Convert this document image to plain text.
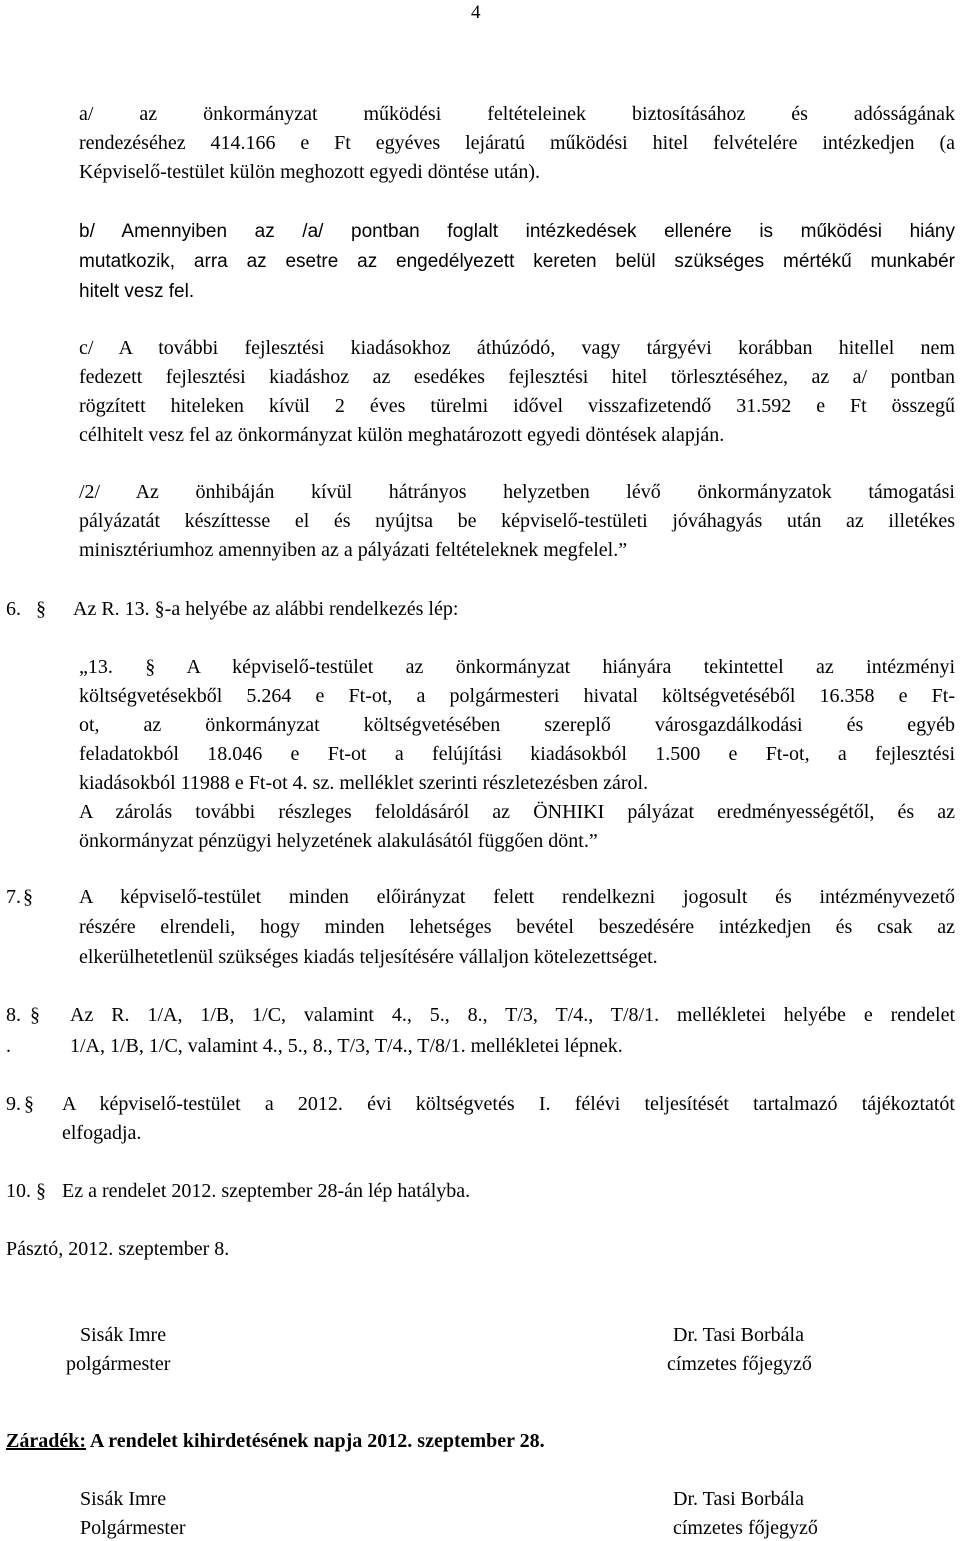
4
a/ az önkormányzat működési feltételeinek biztosításához és adósságának
rendezéséhez 414.166 e Ft egyéves lejáratú működési hitel felvételére intézkedjen (a
Képviselő-testület külön meghozott egyedi döntése után).
b/ Amennyiben az /a/ pontban foglalt intézkedések ellenére is működési hiány
mutatkozik, arra az esetre az engedélyezett kereten belül szükséges mértékű munkabér
hitelt vesz fel.
c/ A további fejlesztési kiadásokhoz áthúzódó, vagy tárgyévi korábban hitellel nem
fedezett fejlesztési kiadáshoz az esedékes fejlesztési hitel törlesztéséhez, az a/ pontban
rögzített hiteleken kívül 2 éves türelmi idővel visszafizetendő 31.592 e Ft összegű
célhitelt vesz fel az önkormányzat külön meghatározott egyedi döntések alapján.
/2/ Az önhibáján kívül hátrányos helyzetben lévő önkormányzatok támogatási
pályázatát készíttesse el és nyújtsa be képviselő-testületi jóváhagyás után az illetékes
minisztériumhoz amennyiben az a pályázati feltételeknek megfelel.”
6. § Az R. 13. §-a helyébe az alábbi rendelkezés lép:
„13. § A képviselő-testület az önkormányzat hiányára tekintettel az intézményi
költségvetésekből 5.264 e Ft-ot, a polgármesteri hivatal költségvetéséből 16.358 e Ft-
ot, az önkormányzat költségvetésében szereplő városgazdálkodási és egyéb
feladatokból 18.046 e Ft-ot a felújítási kiadásokból 1.500 e Ft-ot, a fejlesztési
kiadásokból 11988 e Ft-ot 4. sz. melléklet szerinti részletezésben zárol.
A zárolás további részleges feloldásáról az ÖNHIKI pályázat eredményességétől, és az
önkormányzat pénzügyi helyzetének alakulásától függően dönt.”
7. § A képviselő-testület minden előirányzat felett rendelkezni jogosult és intézményvezető
részére elrendeli, hogy minden lehetséges bevétel beszedésére intézkedjen és csak az
elkerülhetetlenül szükséges kiadás teljesítésére vállaljon kötelezettséget.
8. § Az R. 1/A, 1/B, 1/C, valamint 4., 5., 8., T/3, T/4., T/8/1. mellékletei helyébe e rendelet
.	1/A, 1/B, 1/C, valamint 4., 5., 8., T/3, T/4., T/8/1. mellékletei lépnek.
9. § A képviselő-testület a 2012. évi költségvetés I. félévi teljesítését tartalmazó tájékoztatót
elfogadja.
10. § Ez a rendelet 2012. szeptember 28-án lép hatályba.
Pásztó, 2012. szeptember 8.
Sisák Imre
polgármester
Dr. Tasi Borbála
címzetes főjegyző
Záradék: A rendelet kihirdetésének napja 2012. szeptember 28.
Sisák Imre
Polgármester
Dr. Tasi Borbála
címzetes főjegyző
